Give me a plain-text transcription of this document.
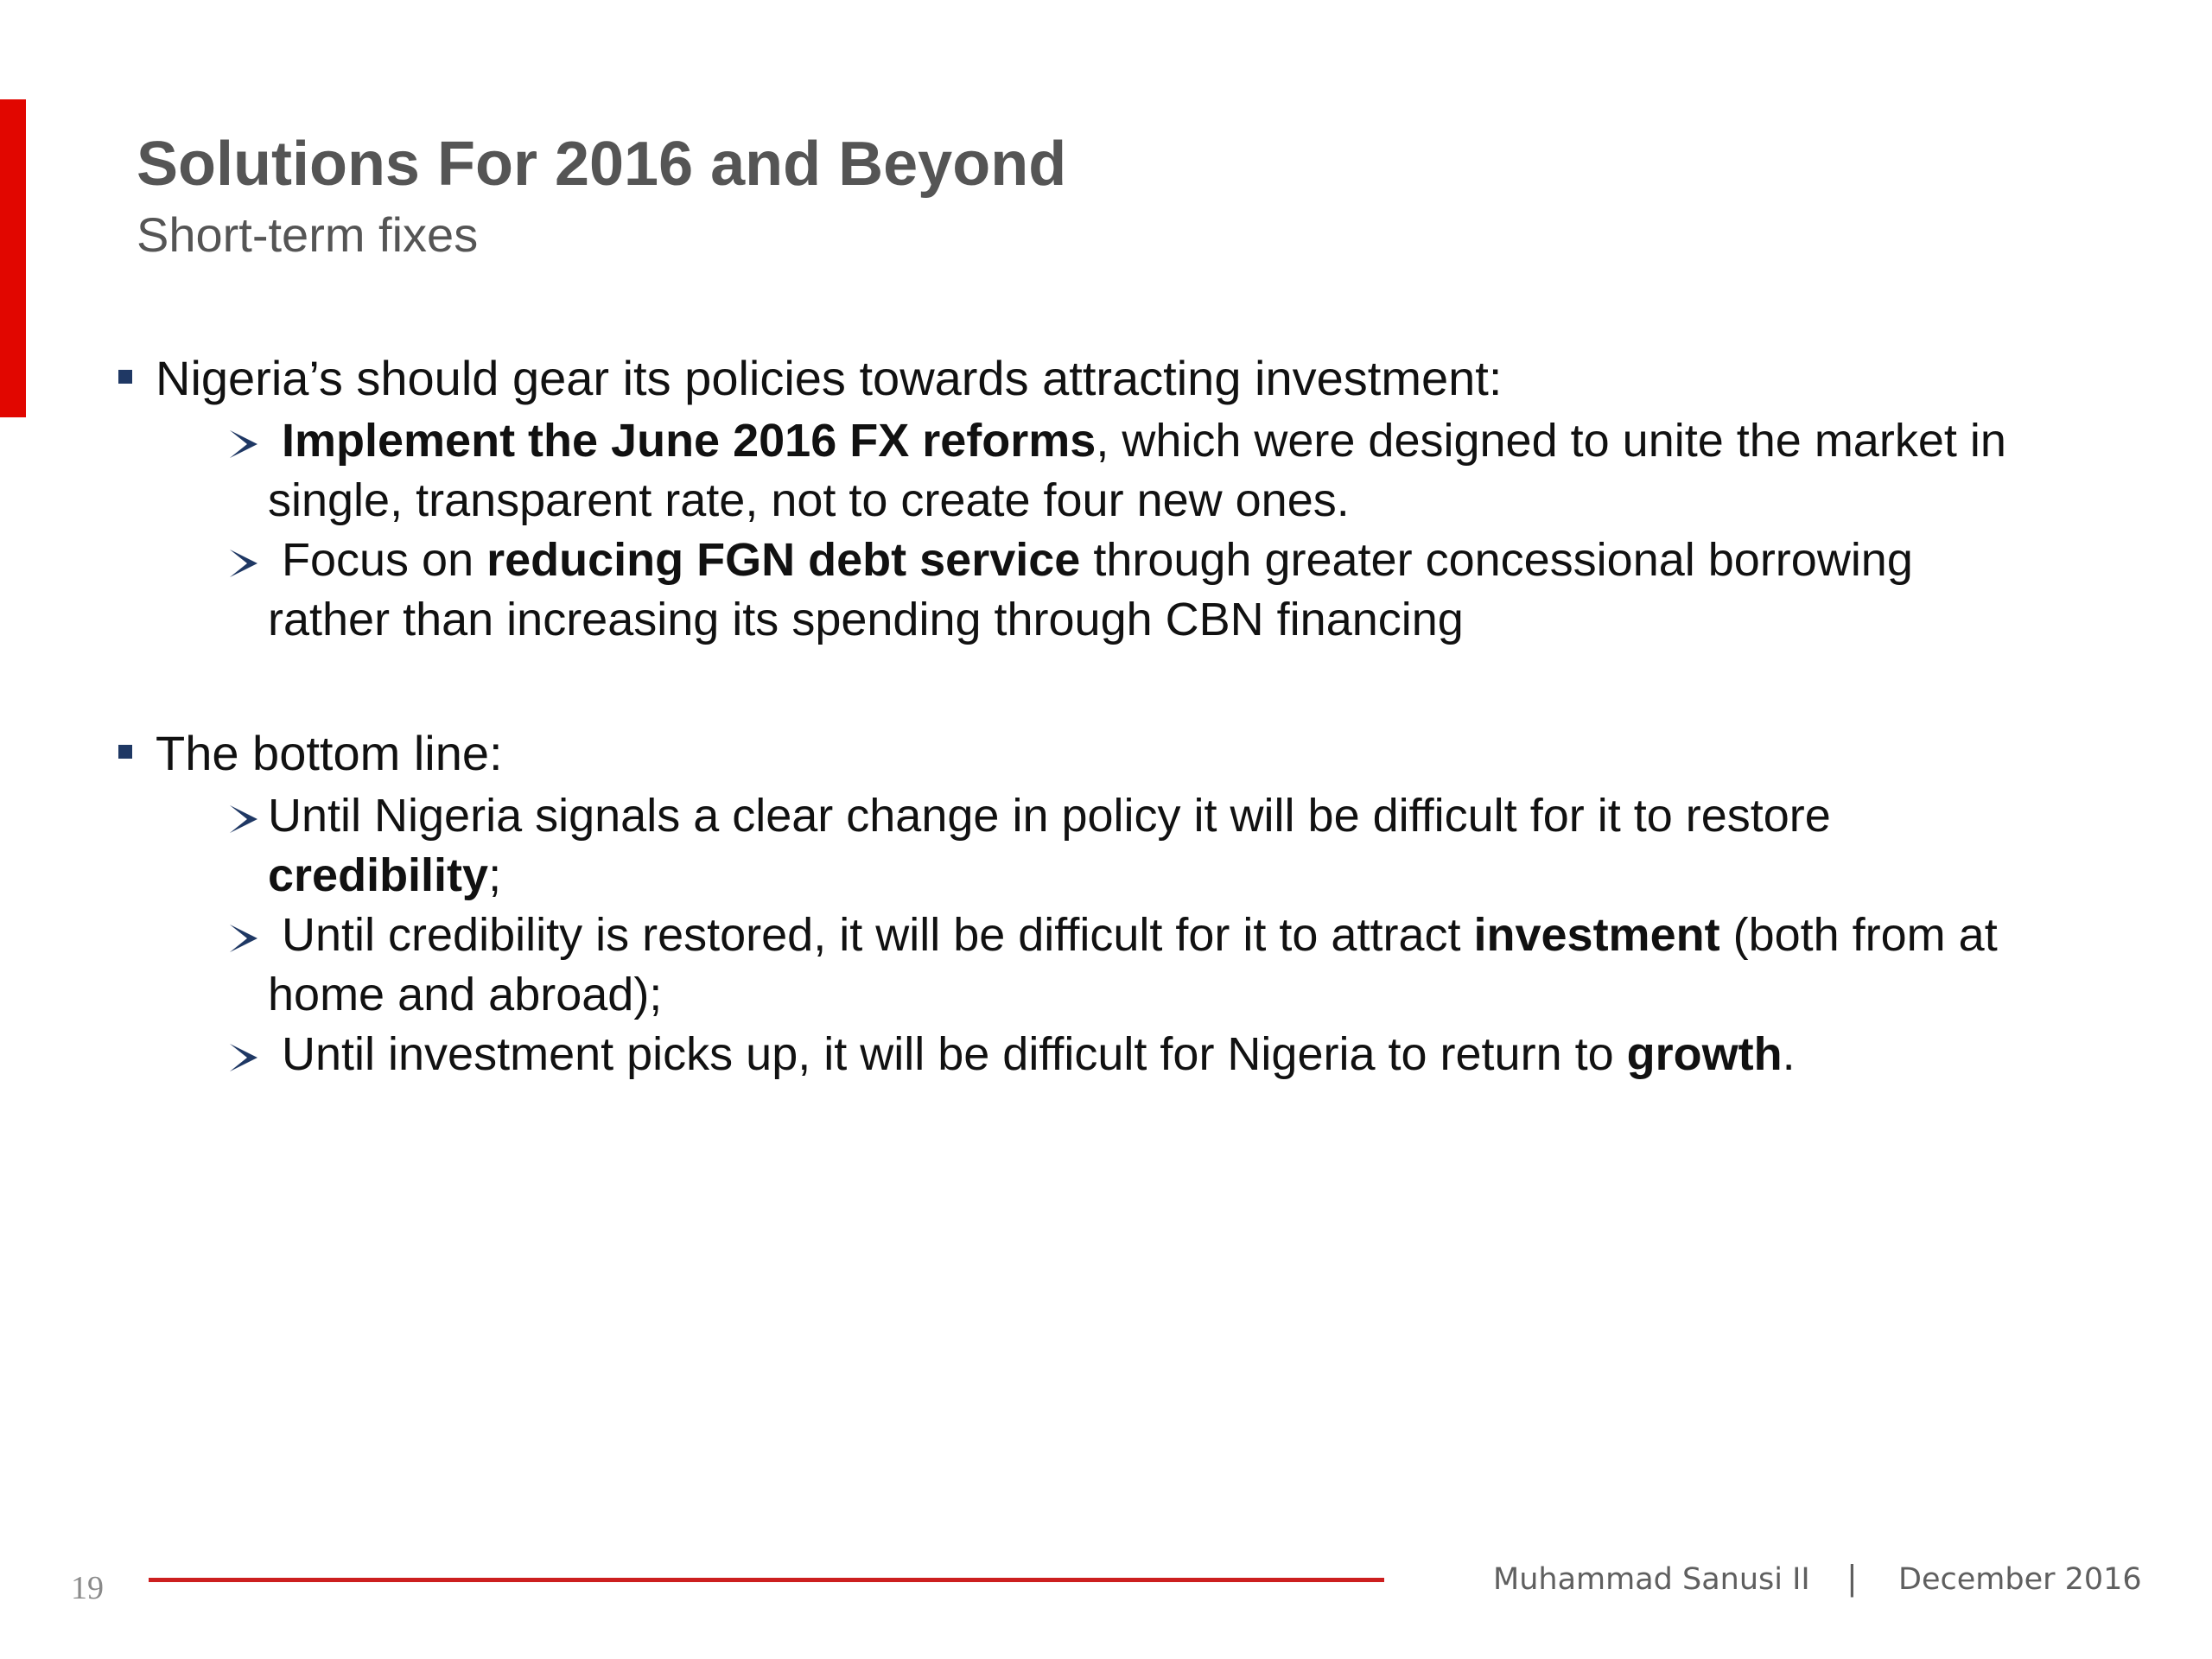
Solutions For 2016 and Beyond
Short-term fixes
Nigeria’s should gear its policies towards attracting investment:
Implement the June 2016 FX reforms, which were designed to unite the market in
single, transparent rate, not to create four new ones.
Focus on reducing FGN debt service through greater concessional borrowing
rather than increasing its spending through CBN financing
The bottom line:
Until Nigeria signals a clear change in policy it will be difficult for it to restore
credibility;
Until credibility is restored, it will be difficult for it to attract investment (both from at
home and abroad);
Until investment picks up, it will be difficult for Nigeria to return to growth.
19	Muhammad Sanusi II | December 2016
